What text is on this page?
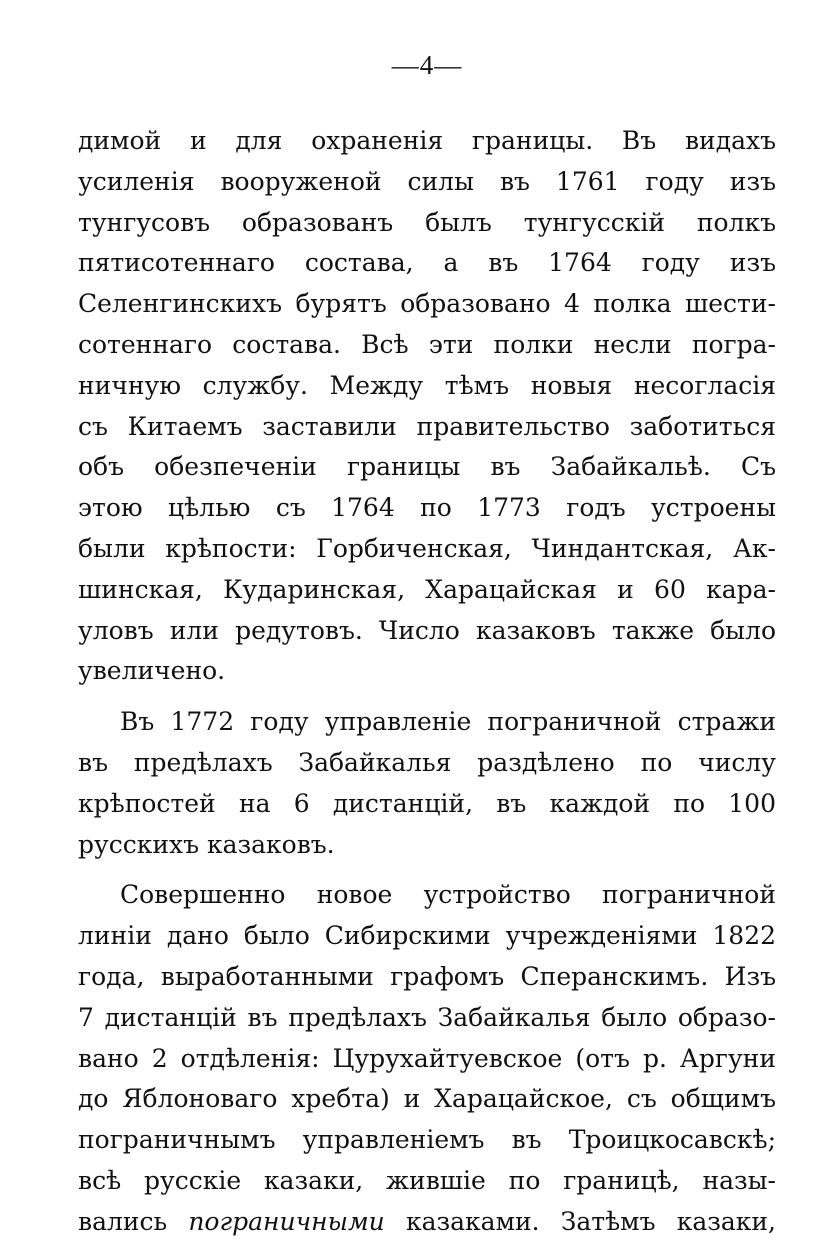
—4—
димой и для охраненія границы. Въ видахъ
усиленія вооруженой силы въ 1761 году изъ
тунгусовъ образованъ былъ тунгусскій полкъ
пятисотеннаго состава, а въ 1764 году изъ
Селенгинскихъ бурятъ образовано 4 полка шести-
сотеннаго состава. Всѣ эти полки несли погра-
ничную службу. Между тѣмъ новыя несогласія
съ Китаемъ заставили правительство заботиться
объ обезпеченіи границы въ Забайкальѣ. Съ
этою цѣлью съ 1764 по 1773 годъ устроены
были крѣпости: Горбиченская, Чиндантская, Ак-
шинская, Кударинская, Харацайская и 60 кара-
уловъ или редутовъ. Число казаковъ также было
увеличено.
Въ 1772 году управленіе пограничной стражи
въ предѣлахъ Забайкалья раздѣлено по числу
крѣпостей на 6 дистанцій, въ каждой по 100
русскихъ казаковъ.
Совершенно новое устройство пограничной
линіи дано было Сибирскими учрежденіями 1822
года, выработанными графомъ Сперанскимъ. Изъ
7 дистанцій въ предѣлахъ Забайкалья было образо-
вано 2 отдѣленія: Цурухайтуевское (отъ р. Аргуни
до Яблоноваго хребта) и Харацайское, съ общимъ
пограничнымъ управленіемъ въ Троицкосавскѣ;
всѣ русскіе казаки, жившіе по границѣ, назы-
вались пограничными казаками. Затѣмъ казаки,
